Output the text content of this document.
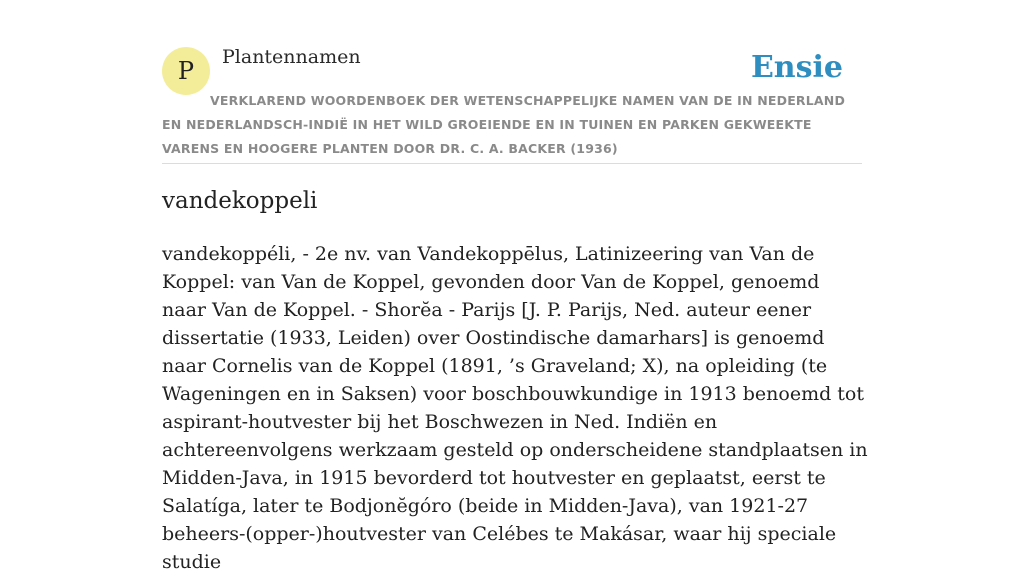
P Plantennamen	Ensie
VERKLAREND WOORDENBOEK DER WETENSCHAPPELIJKE NAMEN VAN DE IN NEDERLAND EN NEDERLANDSCH-INDIË IN HET WILD GROEIENDE EN IN TUINEN EN PARKEN GEKWEEKTE VARENS EN HOOGERE PLANTEN DOOR DR. C. A. BACKER (1936)
vandekoppeli

vandekoppéli, - 2e nv. van Vandekoppēlus, Latinizeering van Van de Koppel: van Van de Koppel, gevonden door Van de Koppel, genoemd naar Van de Koppel. - Shorĕa - Parijs [J. P. Parijs, Ned. auteur eener dissertatie (1933, Leiden) over Oostindische damarhars] is genoemd naar Cornelis van de Koppel (1891, ’s Graveland; X), na opleiding (te Wageningen en in Saksen) voor boschbouwkundige in 1913 benoemd tot aspirant-houtvester bij het Boschwezen in Ned. Indiën en achtereenvolgens werkzaam gesteld op onderscheidene standplaatsen in Midden-Java, in 1915 bevorderd tot houtvester en geplaatst, eerst te Salatíga, later te Bodjonĕgóro (beide in Midden-Java), van 1921-27 beheers-(opper-)houtvester van Celébes te Makásar, waar hij speciale studie
